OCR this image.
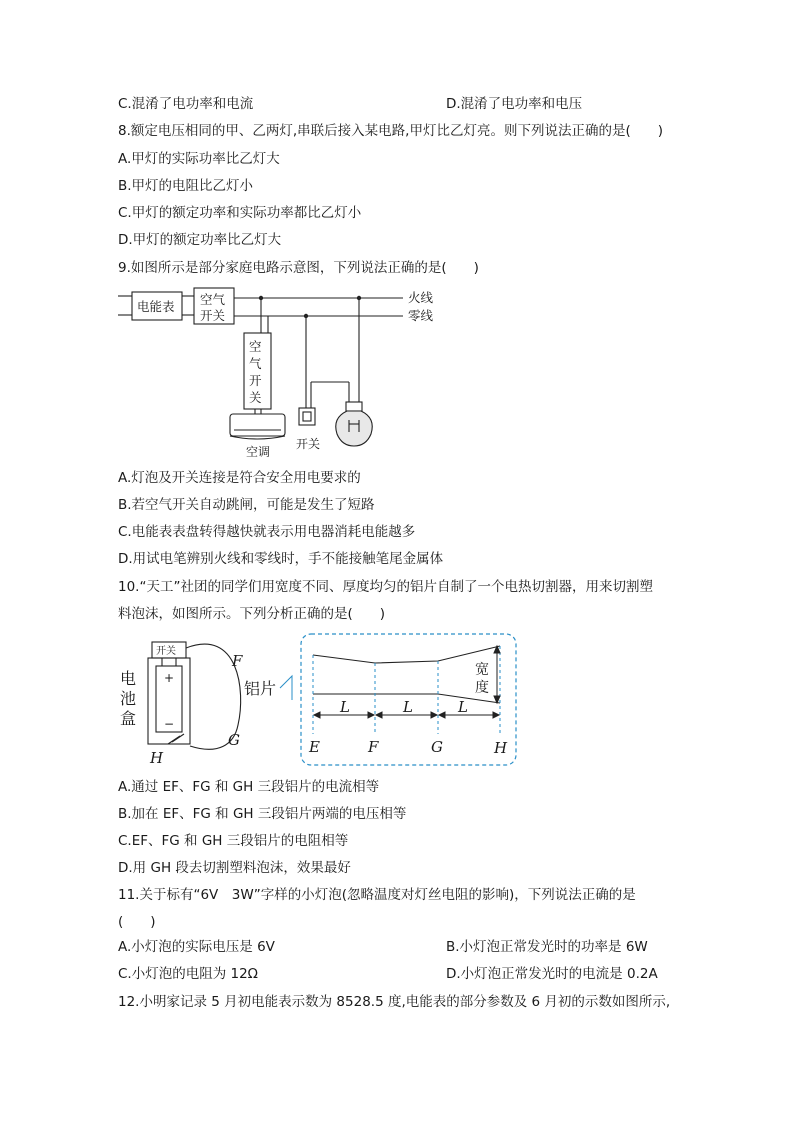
C.混淆了电功率和电流	D.混淆了电功率和电压
8.额定电压相同的甲、乙两灯,串联后接入某电路,甲灯比乙灯亮。则下列说法正确的是(　　)
A.甲灯的实际功率比乙灯大
B.甲灯的电阻比乙灯小
C.甲灯的额定功率和实际功率都比乙灯小
D.甲灯的额定功率比乙灯大
9.如图所示是部分家庭电路示意图，下列说法正确的是(　　)
电能表 空气
开关
空
气
开
关
火线
零线
空调
开关
A.灯泡及开关连接是符合安全用电要求的
B.若空气开关自动跳闸，可能是发生了短路
C.电能表表盘转得越快就表示用电器消耗电能越多
D.用试电笔辨别火线和零线时，手不能接触笔尾金属体
10.“天工”社团的同学们用宽度不同、厚度均匀的铝片自制了一个电热切割器，用来切割塑
料泡沫，如图所示。下列分析正确的是(　　)
开关
+
−
电
池
盒
F
G
H
铝片
宽
度
L	L	L
E	F	G	H
A.通过 EF、FG 和 GH 三段铝片的电流相等
B.加在 EF、FG 和 GH 三段铝片两端的电压相等
C.EF、FG 和 GH 三段铝片的电阻相等
D.用 GH 段去切割塑料泡沫，效果最好
11.关于标有“6V　3W”字样的小灯泡(忽略温度对灯丝电阻的影响)，下列说法正确的是
(　　)
A.小灯泡的实际电压是 6V	B.小灯泡正常发光时的功率是 6W
C.小灯泡的电阻为 12Ω	D.小灯泡正常发光时的电流是 0.2A
12.小明家记录 5 月初电能表示数为 8528.5 度,电能表的部分参数及 6 月初的示数如图所示,
